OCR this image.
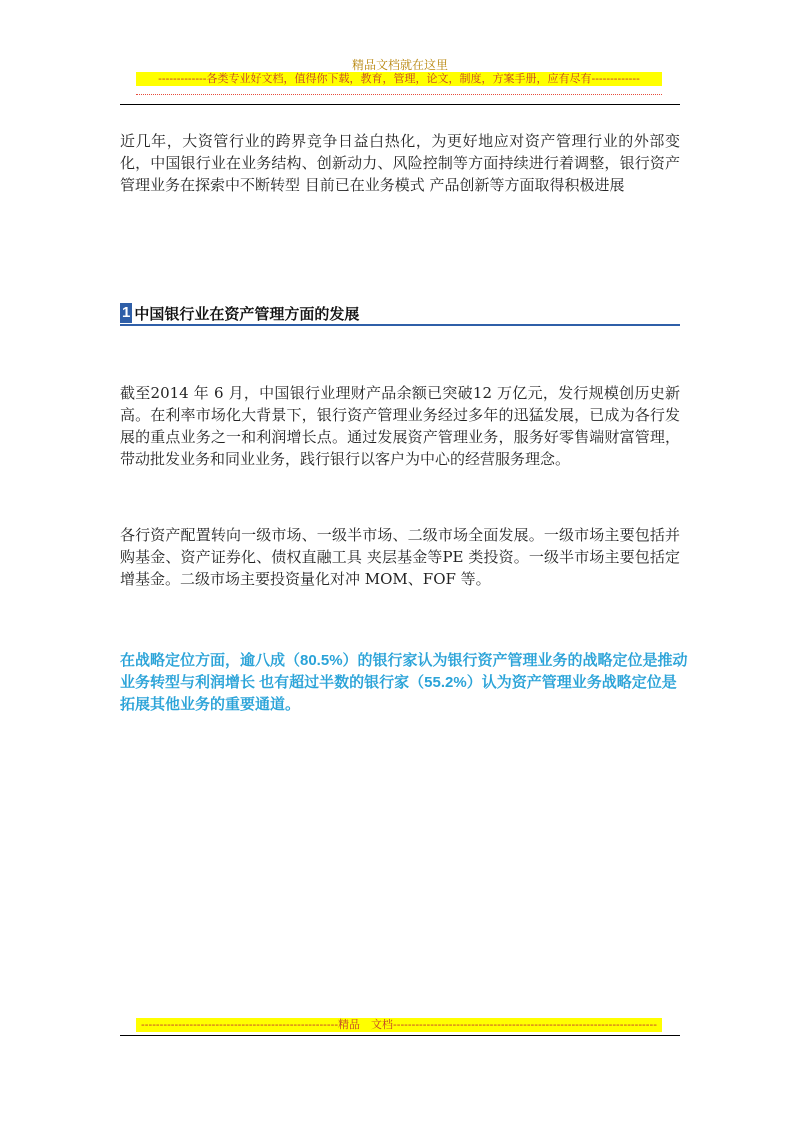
精品文档就在这里
-------------各类专业好文档，值得你下载，教育，管理，论文，制度，方案手册，应有尽有-------------
近几年，大资管行业的跨界竞争日益白热化，为更好地应对资产管理行业的外部变化，中国银行业在业务结构、创新动力、风险控制等方面持续进行着调整，银行资产管理业务在探索中不断转型 目前已在业务模式 产品创新等方面取得积极进展
1 中国银行业在资产管理方面的发展
截至2014 年 6 月，中国银行业理财产品余额已突破12 万亿元，发行规模创历史新高。在利率市场化大背景下，银行资产管理业务经过多年的迅猛发展，已成为各行发展的重点业务之一和利润增长点。通过发展资产管理业务，服务好零售端财富管理，带动批发业务和同业业务，践行银行以客户为中心的经营服务理念。
各行资产配置转向一级市场、一级半市场、二级市场全面发展。一级市场主要包括并购基金、资产证券化、债权直融工具 夹层基金等PE 类投资。一级半市场主要包括定增基金。二级市场主要投资量化对冲 MOM、FOF 等。
在战略定位方面，逾八成（80.5%）的银行家认为银行资产管理业务的战略定位是推动业务转型与利润增长 也有超过半数的银行家（55.2%）认为资产管理业务战略定位是拓展其他业务的重要通道。
-----------------------------------------------------精品　文档-----------------------------------------------------------------------
